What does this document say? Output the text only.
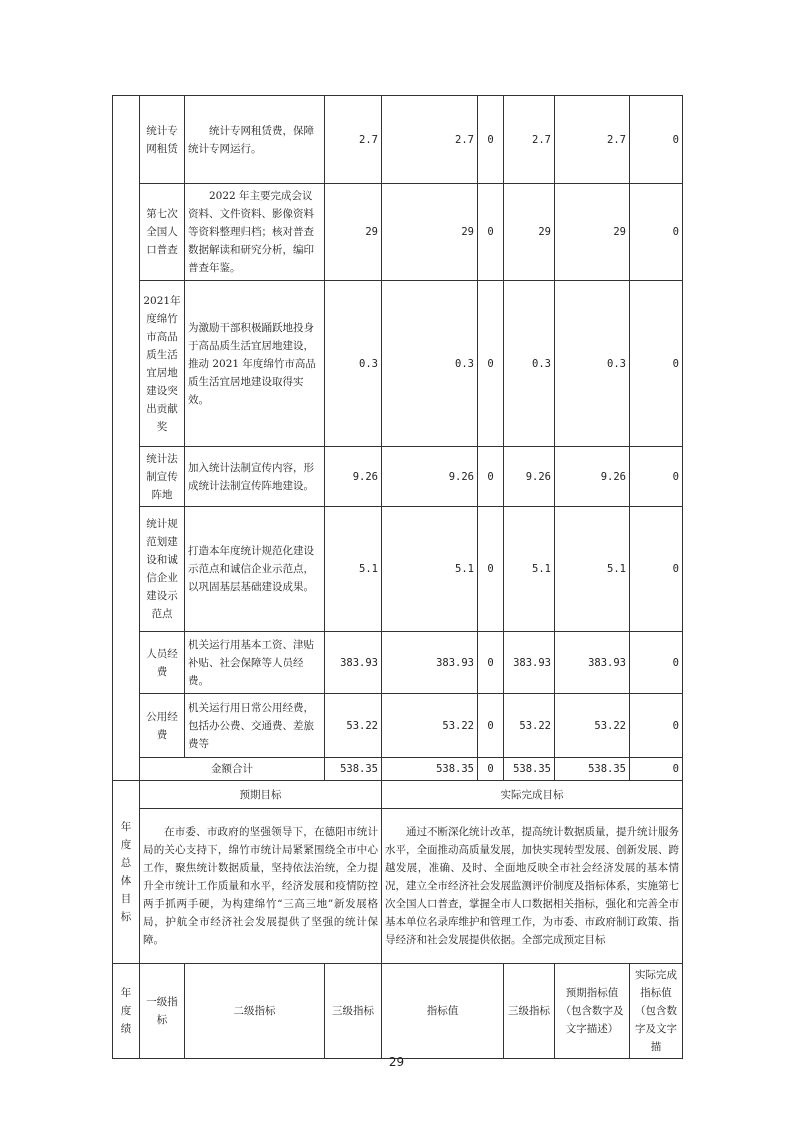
	统计专网租赁	统计专网租赁费，保障统计专网运行。	2.7	2.7	0	2.7	2.7	0
	第七次全国人口普查	2022 年主要完成会议资料、文件资料、影像资料等资料整理归档；核对普查数据解读和研究分析，编印普查年鉴。	29	29	0	29	29	0
	2021年度绵竹市高品质生活宜居地建设突出贡献奖	为激励干部积极踊跃地投身于高品质生活宜居地建设，推动 2021 年度绵竹市高品质生活宜居地建设取得实效。	0.3	0.3	0	0.3	0.3	0
	统计法制宣传阵地	加入统计法制宣传内容，形成统计法制宣传阵地建设。	9.26	9.26	0	9.26	9.26	0
	统计规范划建设和诚信企业建设示范点	打造本年度统计规范化建设示范点和诚信企业示范点，以巩固基层基础建设成果。	5.1	5.1	0	5.1	5.1	0
	人员经费	机关运行用基本工资、津贴补贴、社会保障等人员经费。	383.93	383.93	0	383.93	383.93	0
	公用经费	机关运行用日常公用经费，包括办公费、交通费、差旅费等	53.22	53.22	0	53.22	53.22	0
	金额合计		538.35	538.35	0	538.35	538.35	0

年度总体目标	预期目标			实际完成目标				
	在市委、市政府的坚强领导下，在德阳市统计局的关心支持下，绵竹市统计局紧紧围绕全市中心工作，聚焦统计数据质量，坚持依法治统，全力提升全市统计工作质量和水平，经济发展和疫情防控两手抓两手硬，为构建绵竹“三高三地”新发展格局，护航全市经济社会发展提供了坚强的统计保障。			通过不断深化统计改革，提高统计数据质量，提升统计服务水平，全面推动高质量发展，加快实现转型发展、创新发展、跨越发展，准确、及时、全面地反映全市社会经济发展的基本情况，建立全市经济社会发展监测评价制度及指标体系，实施第七次全国人口普查，掌握全市人口数据相关指标，强化和完善全市基本单位名录库维护和管理工作，为市委、市政府制订政策、指导经济和社会发展提供依据。全部完成预定目标				

年度绩	一级指标	二级指标	三级指标	指标值		三级指标	预期指标值（包含数字及文字描述）	实际完成指标值（包含数字及文字描
29
